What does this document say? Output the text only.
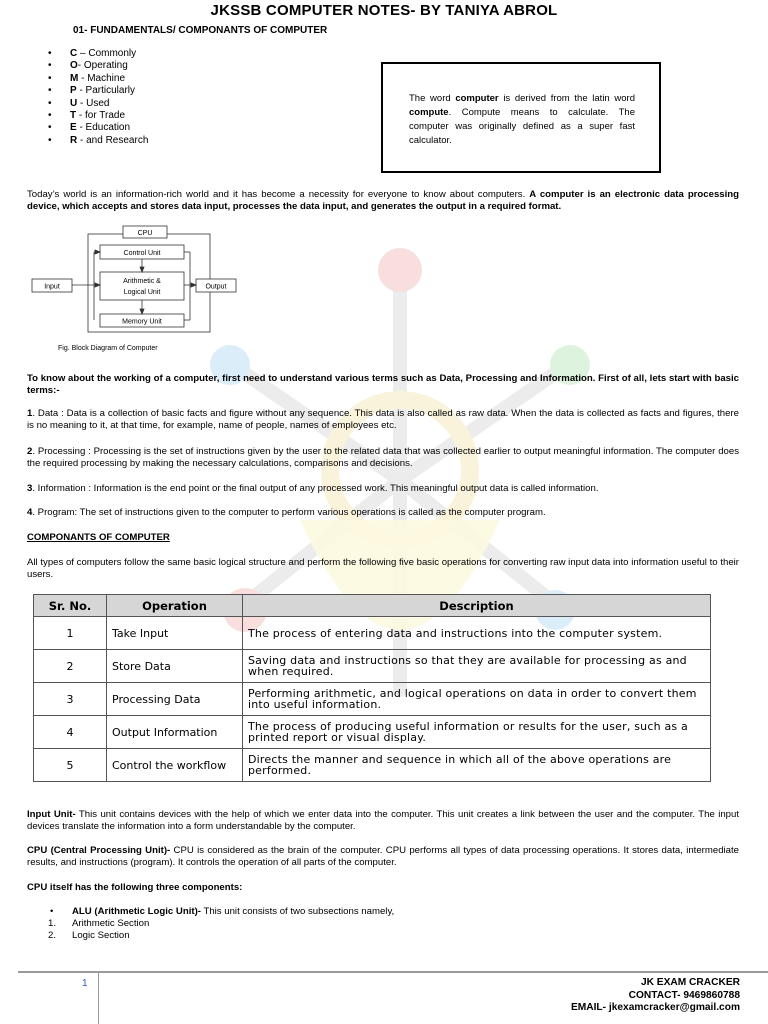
JKSSB COMPUTER NOTES- BY TANIYA ABROL
01- FUNDAMENTALS/ COMPONANTS OF COMPUTER
• C – Commonly
• O- Operating
• M - Machine
• P - Particularly
• U - Used
• T - for Trade
• E - Education
• R - and Research

The word computer is derived from the latin word compute. Compute means to calculate. The computer was originally defined as a super fast calculator.

Today’s world is an information-rich world and it has become a necessity for everyone to know about computers. A computer is an electronic data processing device, which accepts and stores data input, processes the data input, and generates the output in a required format.

CPU
Control Unit
Arithmetic &
Logical Unit
Memory Unit
Input	Output
Fig. Block Diagram of Computer

To know about the working of a computer, first need to understand various terms such as Data, Processing and Information. First of all, lets start with basic terms:-

1. Data : Data is a collection of basic facts and figure without any sequence. This data is also called as raw data. When the data is collected as facts and figures, there is no meaning to it, at that time, for example, name of people, names of employees etc.

2. Processing : Processing is the set of instructions given by the user to the related data that was collected earlier to output meaningful information. The computer does the required processing by making the necessary calculations, comparisons and decisions.

3. Information : Information is the end point or the final output of any processed work. This meaningful output data is called information.

4. Program: The set of instructions given to the computer to perform various operations is called as the computer program.

COMPONANTS OF COMPUTER

All types of computers follow the same basic logical structure and perform the following five basic operations for converting raw input data into information useful to their users.

Sr. No.	Operation	Description
1	Take Input	The process of entering data and instructions into the computer system.
2	Store Data	Saving data and instructions so that they are available for processing as and when required.
3	Processing Data	Performing arithmetic, and logical operations on data in order to convert them into useful information.
4	Output Information	The process of producing useful information or results for the user, such as a printed report or visual display.
5	Control the workflow	Directs the manner and sequence in which all of the above operations are performed.

Input Unit- This unit contains devices with the help of which we enter data into the computer. This unit creates a link between the user and the computer. The input devices translate the information into a form understandable by the computer.

CPU (Central Processing Unit)- CPU is considered as the brain of the computer. CPU performs all types of data processing operations. It stores data, intermediate results, and instructions (program). It controls the operation of all parts of the computer.

CPU itself has the following three components:

• ALU (Arithmetic Logic Unit)- This unit consists of two subsections namely,
1. Arithmetic Section
2. Logic Section
1	JK EXAM CRACKER
CONTACT- 9469860788
EMAIL- jkexamcracker@gmail.com
